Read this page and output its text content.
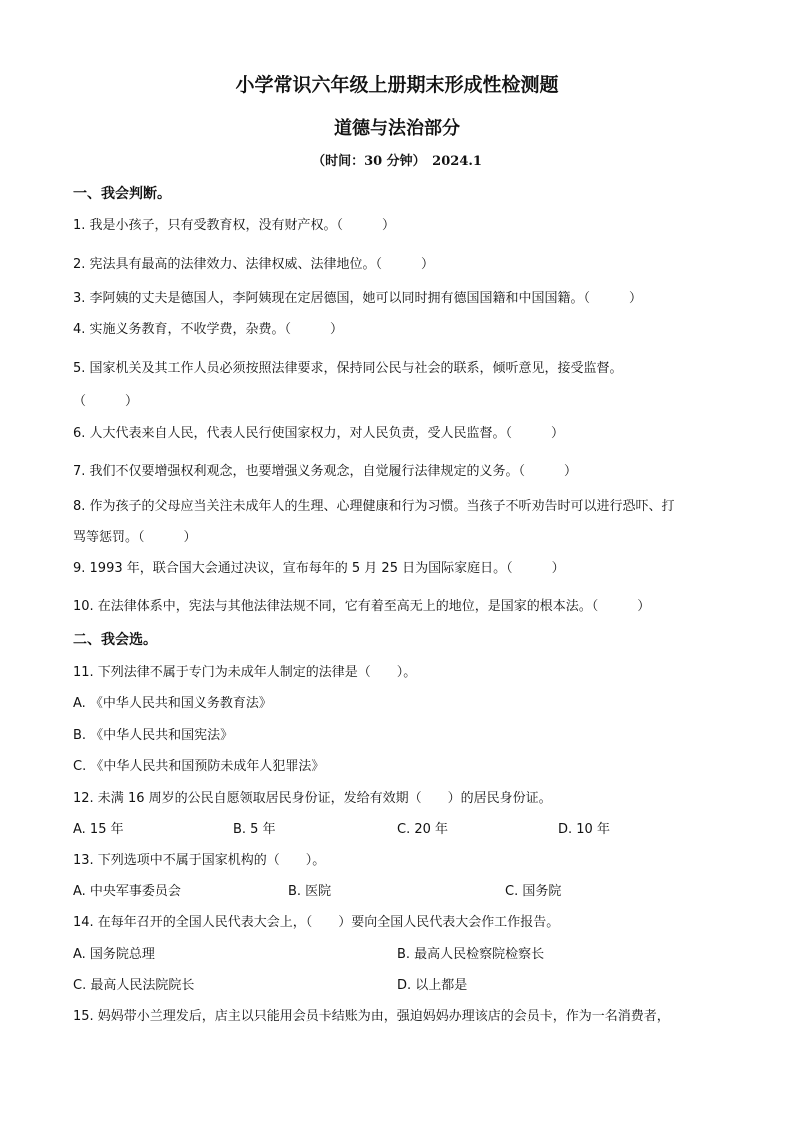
小学常识六年级上册期末形成性检测题
道德与法治部分
（时间：30 分钟）　2024.1
一、我会判断。
1. 我是小孩子，只有受教育权，没有财产权。（　　　）
2. 宪法具有最高的法律效力、法律权威、法律地位。（　　　）
3. 李阿姨的丈夫是德国人，李阿姨现在定居德国，她可以同时拥有德国国籍和中国国籍。（　　　）
4. 实施义务教育，不收学费，杂费。（　　　）
5. 国家机关及其工作人员必须按照法律要求，保持同公民与社会的联系，倾听意见，接受监督。
（　　　）
6. 人大代表来自人民，代表人民行使国家权力，对人民负责，受人民监督。（　　　）
7. 我们不仅要增强权利观念，也要增强义务观念，自觉履行法律规定的义务。（　　　）
8. 作为孩子的父母应当关注未成年人的生理、心理健康和行为习惯。当孩子不听劝告时可以进行恐吓、打
骂等惩罚。（　　　）
9. 1993 年，联合国大会通过决议，宣布每年的 5 月 25 日为国际家庭日。（　　　）
10. 在法律体系中，宪法与其他法律法规不同，它有着至高无上的地位，是国家的根本法。（　　　）
二、我会选。
11. 下列法律不属于专门为未成年人制定的法律是（　　）。
A. 《中华人民共和国义务教育法》
B. 《中华人民共和国宪法》
C. 《中华人民共和国预防未成年人犯罪法》
12. 未满 16 周岁的公民自愿领取居民身份证，发给有效期（　　）的居民身份证。
A. 15 年	B. 5 年	C. 20 年	D. 10 年
13. 下列选项中不属于国家机构的（　　）。
A. 中央军事委员会	B. 医院	C. 国务院
14. 在每年召开的全国人民代表大会上，（　　）要向全国人民代表大会作工作报告。
A. 国务院总理	B. 最高人民检察院检察长
C. 最高人民法院院长	D. 以上都是
15. 妈妈带小兰理发后，店主以只能用会员卡结账为由，强迫妈妈办理该店的会员卡，作为一名消费者，
